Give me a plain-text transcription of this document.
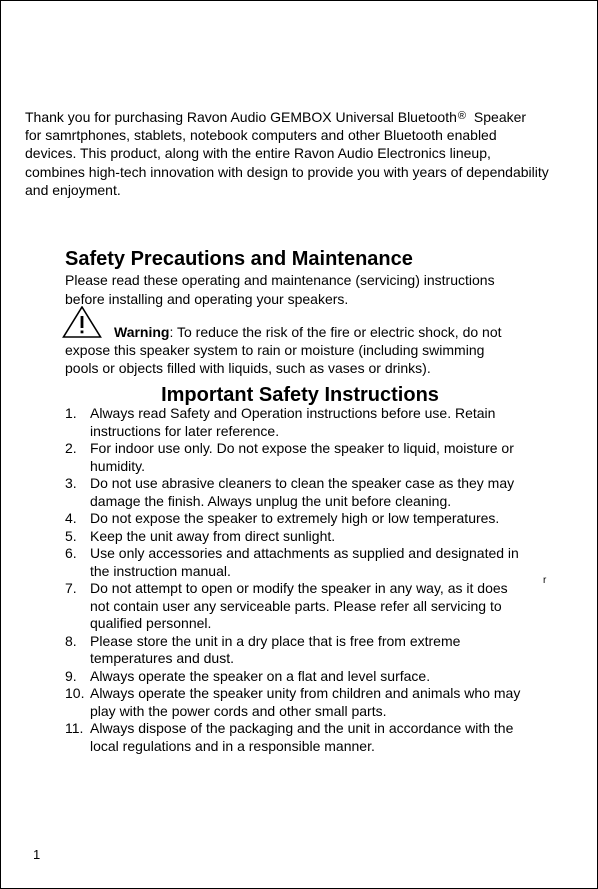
Thank you for purchasing Ravon Audio GEMBOX Universal Bluetooth® Speaker
for samrtphones, stablets, notebook computers and other Bluetooth enabled
devices. This product, along with the entire Ravon Audio Electronics lineup,
combines high-tech innovation with design to provide you with years of dependability
and enjoyment.

Safety Precautions and Maintenance

Please read these operating and maintenance (servicing) instructions
before installing and operating your speakers.

Warning: To reduce the risk of the fire or electric shock, do not
expose this speaker system to rain or moisture (including swimming
pools or objects filled with liquids, such as vases or drinks).

Important Safety Instructions
1. Always read Safety and Operation instructions before use. Retain
instructions for later reference.
2. For indoor use only. Do not expose the speaker to liquid, moisture or
humidity.
3. Do not use abrasive cleaners to clean the speaker case as they may
damage the finish. Always unplug the unit before cleaning.
4. Do not expose the speaker to extremely high or low temperatures.
5. Keep the unit away from direct sunlight.
6. Use only accessories and attachments as supplied and designated in
the instruction manual.
7. Do not attempt to open or modify the speaker in any way, as it does
not contain user any serviceable parts. Please refer all servicing to
qualified personnel.
8. Please store the unit in a dry place that is free from extreme
temperatures and dust.
9. Always operate the speaker on a flat and level surface.
10. Always operate the speaker unity from children and animals who may
play with the power cords and other small parts.
11. Always dispose of the packaging and the unit in accordance with the
local regulations and in a responsible manner.
r
1
